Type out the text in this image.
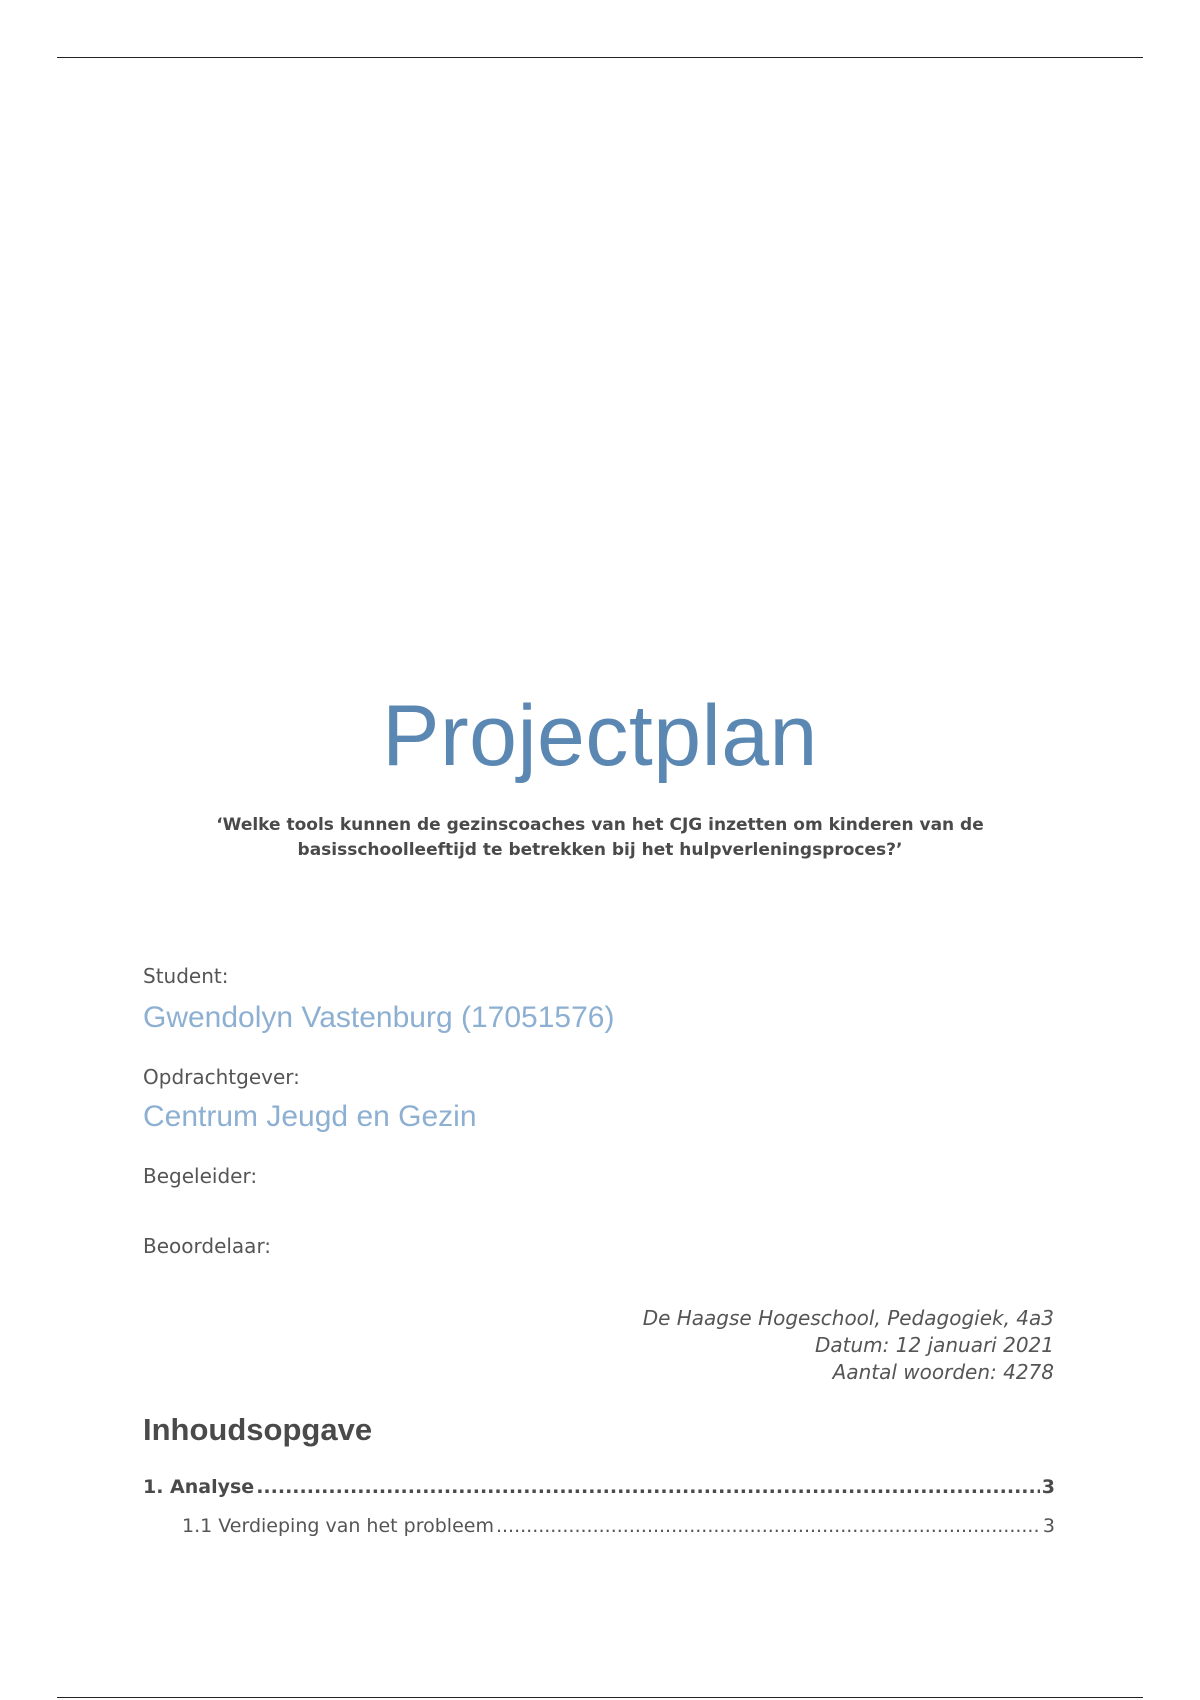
Projectplan
‘Welke tools kunnen de gezinscoaches van het CJG inzetten om kinderen van de basisschoolleeftijd te betrekken bij het hulpverleningsproces?’
Student:
Gwendolyn Vastenburg (17051576)
Opdrachtgever:
Centrum Jeugd en Gezin
Begeleider:
Beoordelaar:
De Haagse Hogeschool, Pedagogiek, 4a3
Datum: 12 januari 2021
Aantal woorden: 4278
Inhoudsopgave
1. Analyse .....	3
1.1 Verdieping van het probleem .....	3
